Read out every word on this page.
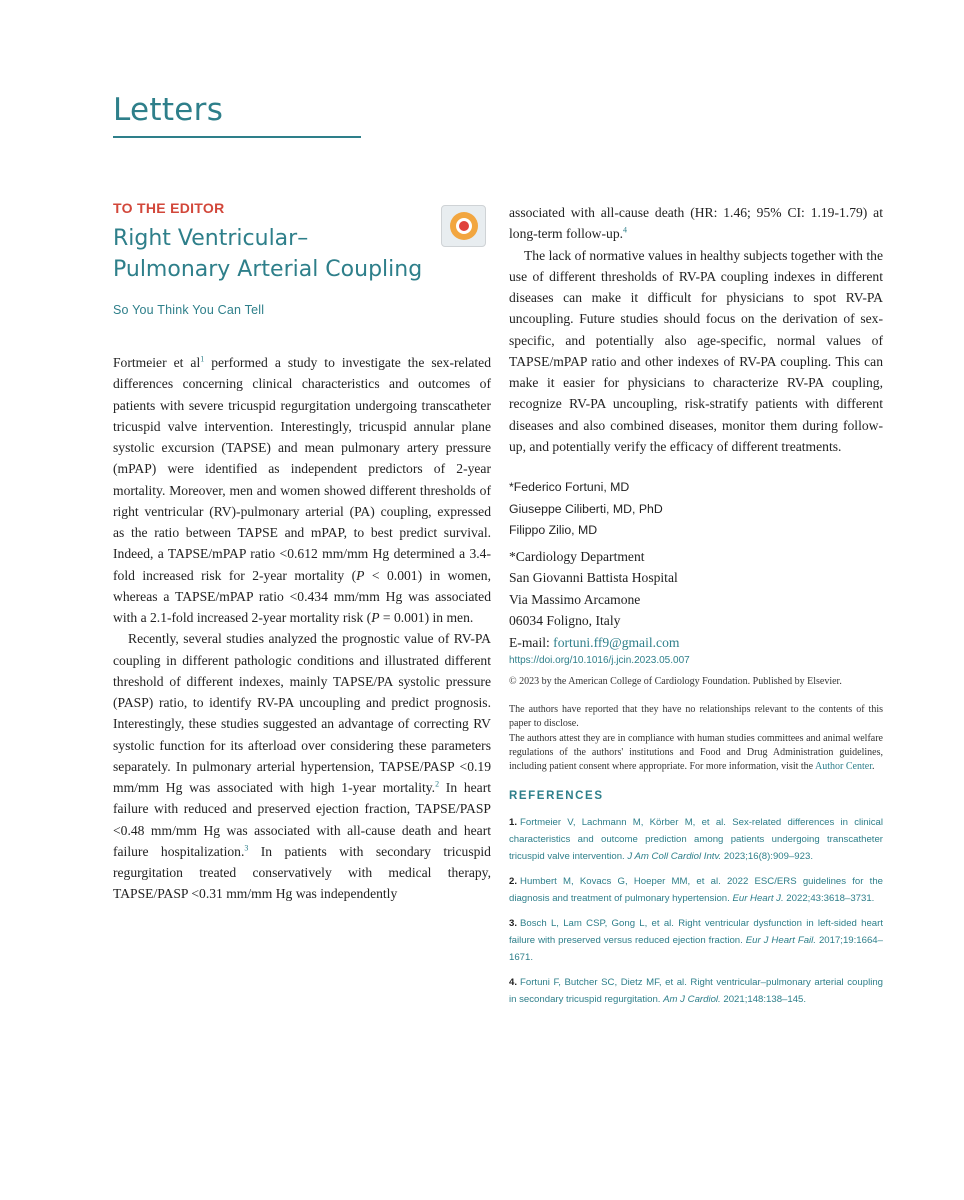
Letters
TO THE EDITOR
Right Ventricular–
Pulmonary Arterial Coupling
So You Think You Can Tell

Fortmeier et $al^1$ performed a study to investigate the sex-related differences concerning clinical characteristics and outcomes of patients with severe tricuspid regurgitation undergoing transcatheter tricuspid valve intervention. Interestingly, tricuspid annular plane systolic excursion (TAPSE) and mean pulmonary artery pressure (mPAP) were identified as independent predictors of 2-year mortality. Moreover, men and women showed different thresholds of right ventricular (RV)-pulmonary arterial (PA) coupling, expressed as the ratio between TAPSE and mPAP, to best predict survival. Indeed, a TAPSE/mPAP ratio <0.612 mm/mm Hg determined a 3.4-fold increased risk for 2-year mortality (P < 0.001) in women, whereas a TAPSE/mPAP ratio <0.434 mm/mm Hg was associated with a 2.1-fold increased 2-year mortality risk (P = 0.001) in men.

Recently, several studies analyzed the prognostic value of RV-PA coupling in different pathologic conditions and illustrated different threshold of different indexes, mainly TAPSE/PA systolic pressure (PASP) ratio, to identify RV-PA uncoupling and predict prognosis. Interestingly, these studies suggested an advantage of correcting RV systolic function for its afterload over considering these parameters separately. In pulmonary arterial hypertension, TAPSE/PASP <0.19 mm/mm Hg was associated with high 1-year mortality.$^2$ In heart failure with reduced and preserved ejection fraction, TAPSE/PASP <0.48 mm/mm Hg was associated with all-cause death and heart failure hospitalization.$^3$ In patients with secondary tricuspid regurgitation treated conservatively with medical therapy, TAPSE/PASP <0.31 mm/mm Hg was independently

associated with all-cause death (HR: 1.46; 95% CI: 1.19-1.79) at long-term follow-up.$^4$

The lack of normative values in healthy subjects together with the use of different thresholds of RV-PA coupling indexes in different diseases can make it difficult for physicians to spot RV-PA uncoupling. Future studies should focus on the derivation of sex-specific, and potentially also age-specific, normal values of TAPSE/mPAP ratio and other indexes of RV-PA coupling. This can make it easier for physicians to characterize RV-PA coupling, recognize RV-PA uncoupling, risk-stratify patients with different diseases and also combined diseases, monitor them during follow-up, and potentially verify the efficacy of different treatments.

*Federico Fortuni, MD
Giuseppe Ciliberti, MD, PhD
Filippo Zilio, MD
*Cardiology Department
San Giovanni Battista Hospital
Via Massimo Arcamone
06034 Foligno, Italy
E-mail: fortuni.ff9@gmail.com
https://doi.org/10.1016/j.jcin.2023.05.007
© 2023 by the American College of Cardiology Foundation. Published by Elsevier.
The authors have reported that they have no relationships relevant to the contents of this paper to disclose.
The authors attest they are in compliance with human studies committees and animal welfare regulations of the authors' institutions and Food and Drug Administration guidelines, including patient consent where appropriate. For more information, visit the Author Center.
REFERENCES
1. Fortmeier V, Lachmann M, Körber M, et al. Sex-related differences in clinical characteristics and outcome prediction among patients undergoing transcatheter tricuspid valve intervention. J Am Coll Cardiol Intv. 2023;16(8):909–923.
2. Humbert M, Kovacs G, Hoeper MM, et al. 2022 ESC/ERS guidelines for the diagnosis and treatment of pulmonary hypertension. Eur Heart J. 2022;43:3618–3731.
3. Bosch L, Lam CSP, Gong L, et al. Right ventricular dysfunction in left-sided heart failure with preserved versus reduced ejection fraction. Eur J Heart Fail. 2017;19:1664–1671.
4. Fortuni F, Butcher SC, Dietz MF, et al. Right ventricular–pulmonary arterial coupling in secondary tricuspid regurgitation. Am J Cardiol. 2021;148:138–145.
